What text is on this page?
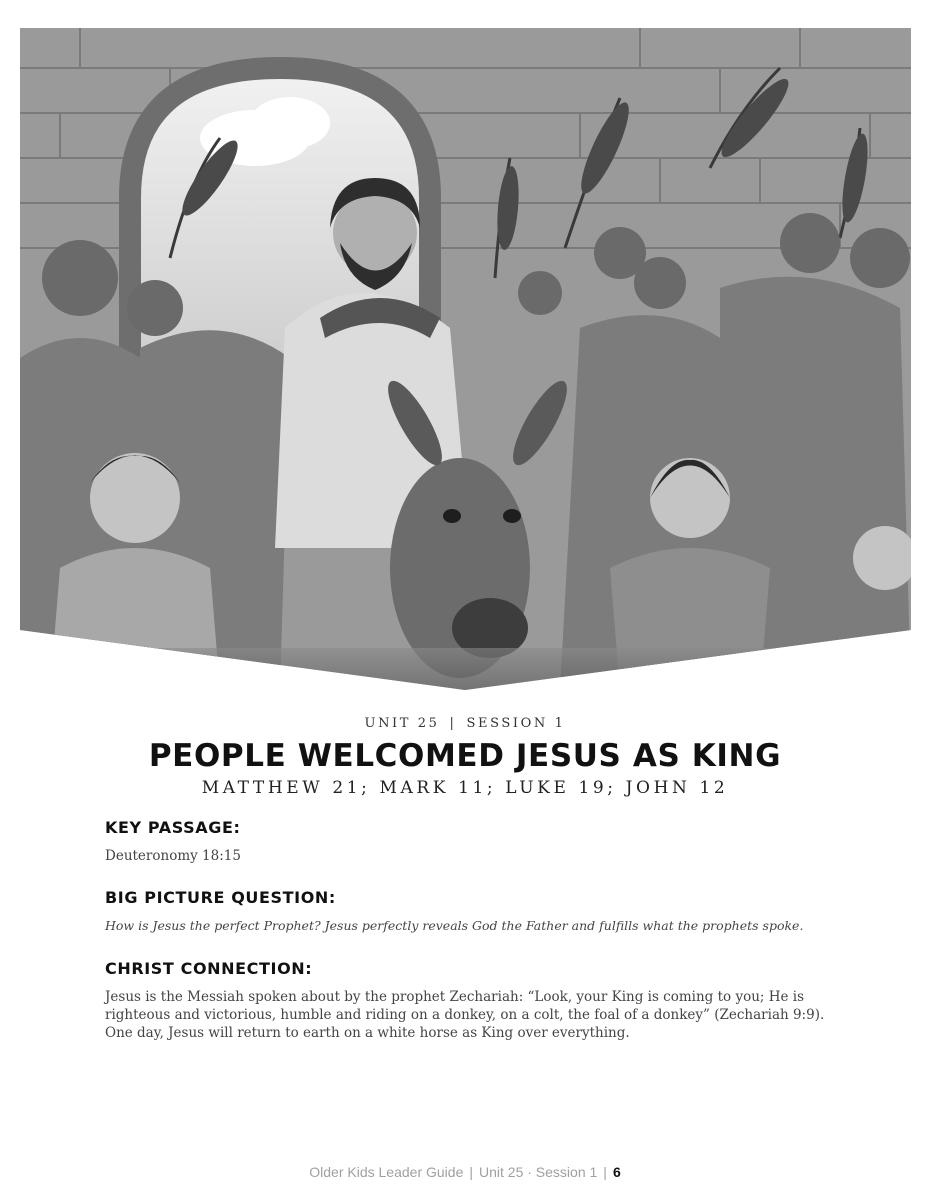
UNIT 25 | SESSION 1
PEOPLE WELCOMED JESUS AS KING
MATTHEW 21; MARK 11; LUKE 19; JOHN 12
KEY PASSAGE:

Deuteronomy 18:15

BIG PICTURE QUESTION:

How is Jesus the perfect Prophet? Jesus perfectly reveals God the Father and fulfills what the prophets spoke.

CHRIST CONNECTION:

Jesus is the Messiah spoken about by the prophet Zechariah: “Look, your King is coming to you; He is righteous and victorious, humble and riding on a donkey, on a colt, the foal of a donkey” (Zechariah 9:9). One day, Jesus will return to earth on a white horse as King over everything.

Older Kids Leader Guide | Unit 25 · Session 1 | 6
